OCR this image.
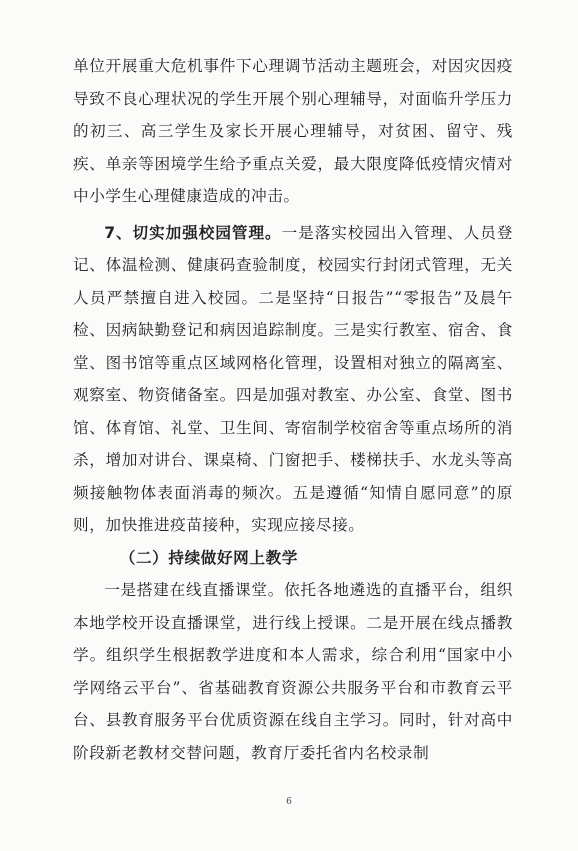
单位开展重大危机事件下心理调节活动主题班会，对因灾因疫导致不良心理状况的学生开展个别心理辅导，对面临升学压力的初三、高三学生及家长开展心理辅导，对贫困、留守、残疾、单亲等困境学生给予重点关爱，最大限度降低疫情灾情对中小学生心理健康造成的冲击。

7、切实加强校园管理。一是落实校园出入管理、人员登记、体温检测、健康码查验制度，校园实行封闭式管理，无关人员严禁擅自进入校园。二是坚持“日报告”“零报告”及晨午检、因病缺勤登记和病因追踪制度。三是实行教室、宿舍、食堂、图书馆等重点区域网格化管理，设置相对独立的隔离室、观察室、物资储备室。四是加强对教室、办公室、食堂、图书馆、体育馆、礼堂、卫生间、寄宿制学校宿舍等重点场所的消杀，增加对讲台、课桌椅、门窗把手、楼梯扶手、水龙头等高频接触物体表面消毒的频次。五是遵循“知情自愿同意”的原则，加快推进疫苗接种，实现应接尽接。

（二）持续做好网上教学

一是搭建在线直播课堂。依托各地遴选的直播平台，组织本地学校开设直播课堂，进行线上授课。二是开展在线点播教学。组织学生根据教学进度和本人需求，综合利用“国家中小学网络云平台”、省基础教育资源公共服务平台和市教育云平台、县教育服务平台优质资源在线自主学习。同时，针对高中阶段新老教材交替问题，教育厅委托省内名校录制

6
